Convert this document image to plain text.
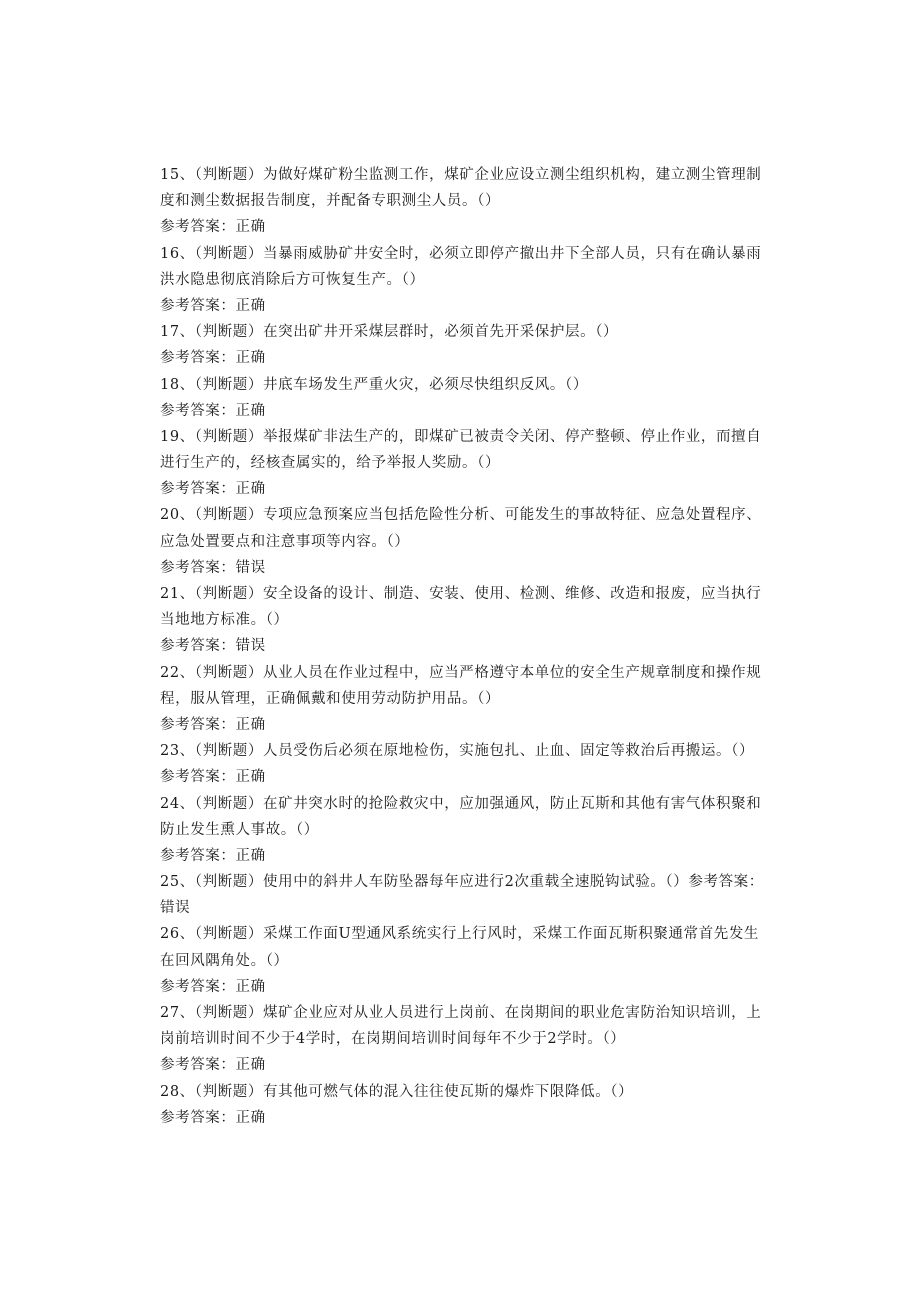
15、（判断题）为做好煤矿粉尘监测工作，煤矿企业应设立测尘组织机构，建立测尘管理制
度和测尘数据报告制度，并配备专职测尘人员。（）
参考答案：正确
16、（判断题）当暴雨威胁矿井安全时，必须立即停产撤出井下全部人员，只有在确认暴雨
洪水隐患彻底消除后方可恢复生产。（）
参考答案：正确
17、（判断题）在突出矿井开采煤层群时，必须首先开采保护层。（）
参考答案：正确
18、（判断题）井底车场发生严重火灾，必须尽快组织反风。（）
参考答案：正确
19、（判断题）举报煤矿非法生产的，即煤矿已被责令关闭、停产整顿、停止作业，而擅自
进行生产的，经核查属实的，给予举报人奖励。（）
参考答案：正确
20、（判断题）专项应急预案应当包括危险性分析、可能发生的事故特征、应急处置程序、
应急处置要点和注意事项等内容。（）
参考答案：错误
21、（判断题）安全设备的设计、制造、安装、使用、检测、维修、改造和报废，应当执行
当地地方标准。（）
参考答案：错误
22、（判断题）从业人员在作业过程中，应当严格遵守本单位的安全生产规章制度和操作规
程，服从管理，正确佩戴和使用劳动防护用品。（）
参考答案：正确
23、（判断题）人员受伤后必须在原地检伤，实施包扎、止血、固定等救治后再搬运。（）
参考答案：正确
24、（判断题）在矿井突水时的抢险救灾中，应加强通风，防止瓦斯和其他有害气体积聚和
防止发生熏人事故。（）
参考答案：正确
25、（判断题）使用中的斜井人车防坠器每年应进行2次重载全速脱钩试验。（）参考答案：
错误
26、（判断题）采煤工作面U型通风系统实行上行风时，采煤工作面瓦斯积聚通常首先发生
在回风隅角处。（）
参考答案：正确
27、（判断题）煤矿企业应对从业人员进行上岗前、在岗期间的职业危害防治知识培训，上
岗前培训时间不少于4学时，在岗期间培训时间每年不少于2学时。（）
参考答案：正确
28、（判断题）有其他可燃气体的混入往往使瓦斯的爆炸下限降低。（）
参考答案：正确
